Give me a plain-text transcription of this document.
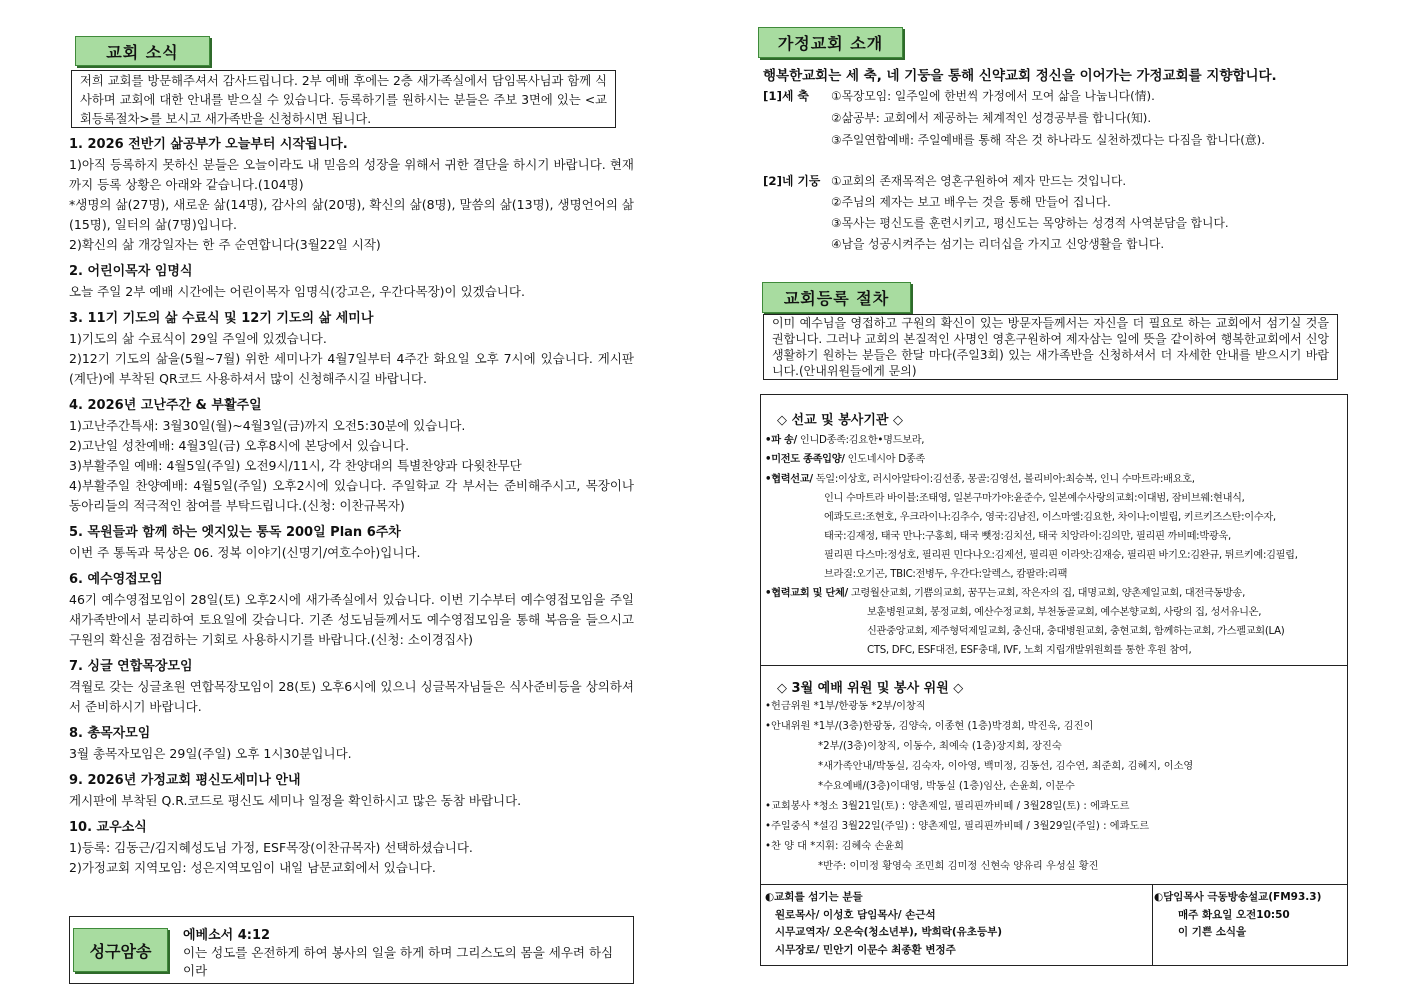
교회 소식
저희 교회를 방문해주셔서 감사드립니다. 2부 예배 후에는 2층 새가족실에서 담임목사님과 함께 식사하며 교회에 대한 안내를 받으실 수 있습니다. 등록하기를 원하시는 분들은 주보 3면에 있는 <교회등록절차>를 보시고 새가족반을 신청하시면 됩니다.
1. 2026 전반기 삶공부가 오늘부터 시작됩니다.

1)아직 등록하지 못하신 분들은 오늘이라도 내 믿음의 성장을 위해서 귀한 결단을 하시기 바랍니다. 현재까지 등록 상황은 아래와 같습니다.(104명)

*생명의 삶(27명), 새로운 삶(14명), 감사의 삶(20명), 확신의 삶(8명), 말씀의 삶(13명), 생명언어의 삶(15명), 일터의 삶(7명)입니다.

2)확신의 삶 개강일자는 한 주 순연합니다(3월22일 시작)

2. 어린이목자 임명식

오늘 주일 2부 예배 시간에는 어린이목자 임명식(강고은, 우간다목장)이 있겠습니다.

3. 11기 기도의 삶 수료식 및 12기 기도의 삶 세미나

1)기도의 삶 수료식이 29일 주일에 있겠습니다.

2)12기 기도의 삶을(5월~7월) 위한 세미나가 4월7일부터 4주간 화요일 오후 7시에 있습니다. 게시판(계단)에 부착된 QR코드 사용하셔서 많이 신청해주시길 바랍니다.

4. 2026년 고난주간 & 부활주일

1)고난주간특새: 3월30일(월)~4월3일(금)까지 오전5:30분에 있습니다.

2)고난일 성찬예배: 4월3일(금) 오후8시에 본당에서 있습니다.

3)부활주일 예배: 4월5일(주일) 오전9시/11시, 각 찬양대의 특별찬양과 다윗찬무단

4)부활주일 찬양예배: 4월5일(주일) 오후2시에 있습니다. 주일학교 각 부서는 준비해주시고, 목장이나 동아리들의 적극적인 참여를 부탁드립니다.(신청: 이찬규목자)

5. 목원들과 함께 하는 엣지있는 통독 200일 Plan 6주차

이번 주 통독과 묵상은 06. 정복 이야기(신명기/여호수아)입니다.

6. 예수영접모임

46기 예수영접모임이 28일(토) 오후2시에 새가족실에서 있습니다. 이번 기수부터 예수영접모임을 주일 새가족반에서 분리하여 토요일에 갖습니다. 기존 성도님들께서도 예수영접모임을 통해 복음을 들으시고 구원의 확신을 점검하는 기회로 사용하시기를 바랍니다.(신청: 소이경집사)

7. 싱글 연합목장모임

격월로 갖는 싱글초원 연합목장모임이 28(토) 오후6시에 있으니 싱글목자님들은 식사준비등을 상의하셔서 준비하시기 바랍니다.

8. 총목자모임

3월 총목자모임은 29일(주일) 오후 1시30분입니다.

9. 2026년 가정교회 평신도세미나 안내

게시판에 부착된 Q.R.코드로 평신도 세미나 일정을 확인하시고 많은 동참 바랍니다.

10. 교우소식

1)등록: 김동근/김지혜성도님 가정, ESF목장(이찬규목자) 선택하셨습니다.

2)가정교회 지역모임: 성은지역모임이 내일 남문교회에서 있습니다.

성구암송
에베소서 4:12
이는 성도를 온전하게 하여 봉사의 일을 하게 하며 그리스도의 몸을 세우려 하심이라
가정교회 소개
행복한교회는 세 축, 네 기둥을 통해 신약교회 정신을 이어가는 가정교회를 지향합니다.
[1]세 축	①목장모임: 일주일에 한번씩 가정에서 모여 삶을 나눕니다(情).
②삶공부: 교회에서 제공하는 체계적인 성경공부를 합니다(知).
③주일연합예배: 주일예배를 통해 작은 것 하나라도 실천하겠다는 다짐을 합니다(意).
[2]네 기둥 ①교회의 존재목적은 영혼구원하여 제자 만드는 것입니다.
②주님의 제자는 보고 배우는 것을 통해 만들어 집니다.
③목사는 평신도를 훈련시키고, 평신도는 목양하는 성경적 사역분담을 합니다.
④남을 성공시켜주는 섬기는 리더십을 가지고 신앙생활을 합니다.
교회등록 절차
이미 예수님을 영접하고 구원의 확신이 있는 방문자들께서는 자신을 더 필요로 하는 교회에서 섬기실 것을 권합니다. 그러나 교회의 본질적인 사명인 영혼구원하여 제자삼는 일에 뜻을 같이하여 행복한교회에서 신앙생활하기 원하는 분들은 한달 마다(주일3회) 있는 새가족반을 신청하셔서 더 자세한 안내를 받으시기 바랍니다.(안내위원들에게 문의)
◇ 선교 및 봉사기관 ◇
•파 송/ 인니D종족:김요한•명드보라,
•미전도 종족입양/ 인도네시아 D종족
•협력선교/ 독일:이상호, 러시아알타이:김선종, 몽골:김영선, 볼리비아:최승복, 인니 수마트라:배요호,
인니 수마트라 바이블:조태영, 일본구마가야:윤준수, 일본예수사랑의교회:이대범, 잠비브웨:현내식,
에콰도르:조현호, 우크라이나:김추수, 영국:김남진, 이스마엘:김요한, 차이나:이빌립, 키르키즈스탄:이수자,
태국:김재정, 태국 만나:구홍회, 태국 뺏정:김치선, 태국 치앙라이:김의만, 필리핀 까비떼:박광욱,
필리핀 다스마:정성호, 필리핀 민다나오:김제선, 필리핀 이라앗:김재승, 필리핀 바기오:김완규, 튀르키예:김필립,
브라질:오기곤, TBIC:전병두, 우간다:알렉스, 캄팔라:리팩
•협력교회 및 단체/ 고령월산교회, 기쁨의교회, 꿈꾸는교회, 작은자의 집, 대명교회, 양촌제일교회, 대전극동방송,
보훈병원교회, 봉정교회, 예산수정교회, 부천동골교회, 예수본향교회, 사랑의 집, 성서유니온,
신관중앙교회, 제주형덕제일교회, 충신대, 충대병원교회, 충현교회, 함께하는교회, 가스펠교회(LA)
CTS, DFC, ESF대전, ESF충대, IVF, 노회 지립개발위원회를 통한 후원 참여,
◇ 3월 예배 위원 및 봉사 위원 ◇
•헌금위원 *1부/한광동 *2부/이창직
•안내위원 *1부/(3층)한광동, 김양숙, 이종현 (1층)박경희, 박진욱, 김진이
*2부/(3층)이창직, 이동수, 최예숙 (1층)장지희, 장진숙
*새가족안내/박동실, 김숙자, 이아영, 백미정, 김동선, 김수연, 최준희, 김혜지, 이소영
*수요예배/(3층)이대영, 박동실 (1층)임산, 손윤희, 이문수
•교회봉사 *청소 3월21일(토) : 양촌제일, 필리핀까비떼 / 3월28일(토) : 에콰도르
•주일중식 *설김 3월22일(주일) : 양촌제일, 필리핀까비떼 / 3월29일(주일) : 에콰도르
•찬 양 대 *지휘: 김혜숙 손윤희
*반주: 이미정 황영숙 조민희 김미정 신현숙 양유리 우성실 황진
◐교회를 섬기는 분들
원로목사/ 이성호 담임목사/ 손근석
시무교역자/ 오은숙(청소년부), 박희락(유초등부)
시무장로/ 민안기 이문수 최종환 변정주
◐담임목사 극동방송설교(FM93.3)
매주 화요일 오전10:50
이 기쁜 소식을
